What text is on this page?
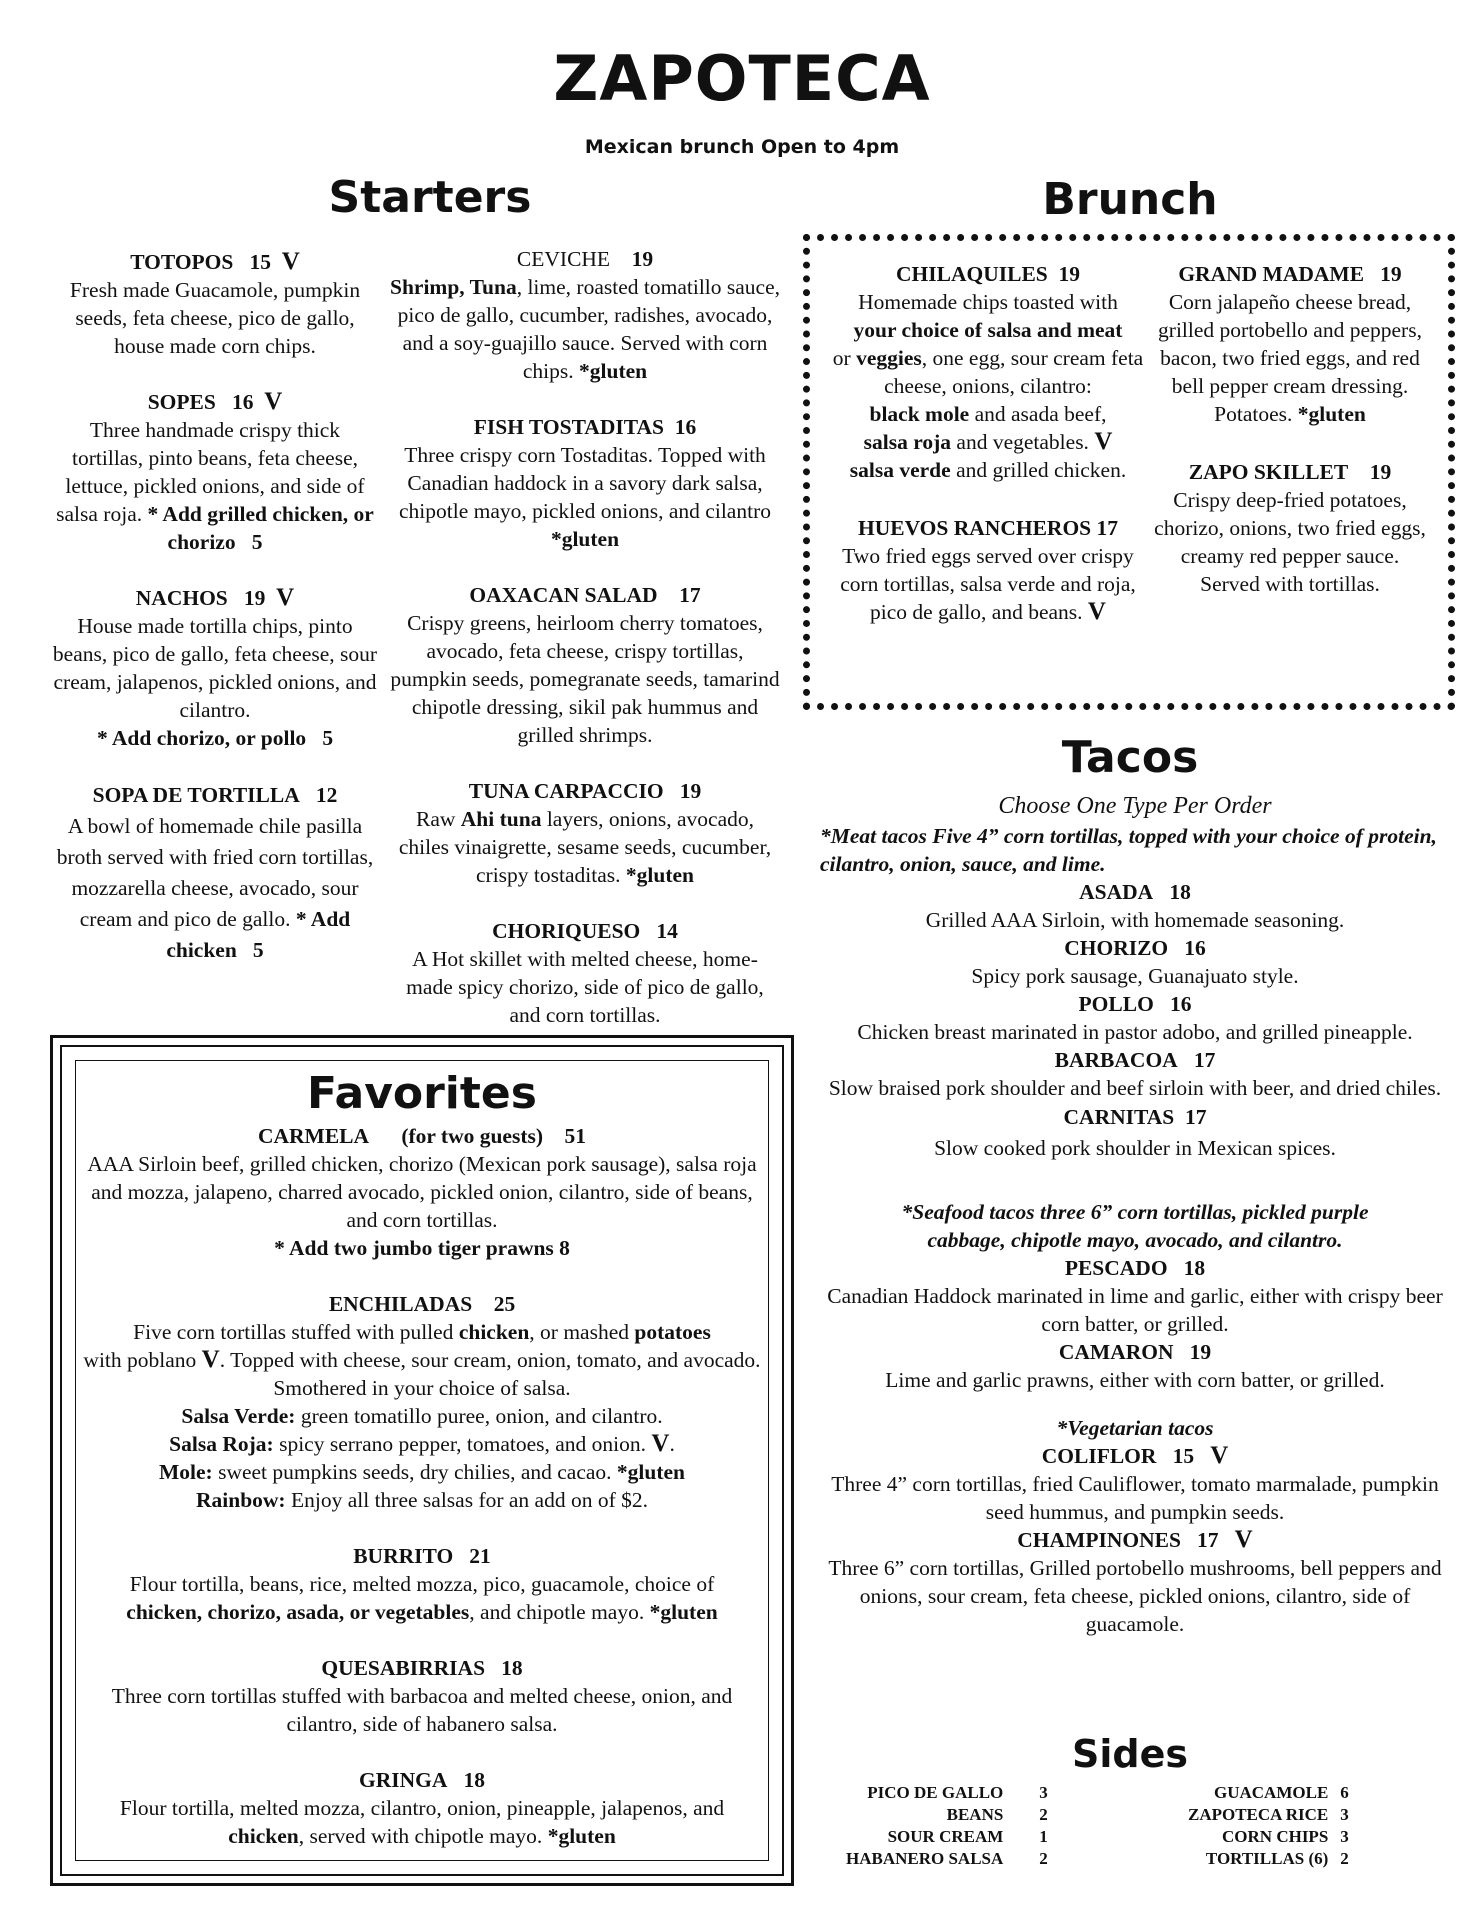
ZAPOTECA
Mexican brunch Open to 4pm
Starters
TOTOPOS 15 V
Fresh made Guacamole, pumpkin seeds, feta cheese, pico de gallo, house made corn chips.
SOPES 16 V
Three handmade crispy thick tortillas, pinto beans, feta cheese, lettuce, pickled onions, and side of salsa roja. * Add grilled chicken, or chorizo 5
NACHOS 19 V
House made tortilla chips, pinto beans, pico de gallo, feta cheese, sour cream, jalapenos, pickled onions, and cilantro.
* Add chorizo, or pollo 5
SOPA DE TORTILLA 12
A bowl of homemade chile pasilla broth served with fried corn tortillas, mozzarella cheese, avocado, sour cream and pico de gallo. * Add chicken 5
CEVICHE 19
Shrimp, Tuna, lime, roasted tomatillo sauce, pico de gallo, cucumber, radishes, avocado, and a soy-guajillo sauce. Served with corn chips. *gluten
FISH TOSTADITAS 16
Three crispy corn Tostaditas. Topped with Canadian haddock in a savory dark salsa, chipotle mayo, pickled onions, and cilantro *gluten
OAXACAN SALAD 17
Crispy greens, heirloom cherry tomatoes, avocado, feta cheese, crispy tortillas, pumpkin seeds, pomegranate seeds, tamarind chipotle dressing, sikil pak hummus and grilled shrimps.
TUNA CARPACCIO 19
Raw Ahi tuna layers, onions, avocado, chiles vinaigrette, sesame seeds, cucumber, crispy tostaditas. *gluten
CHORIQUESO 14
A Hot skillet with melted cheese, home-made spicy chorizo, side of pico de gallo, and corn tortillas.
Favorites
CARMELA (for two guests) 51
AAA Sirloin beef, grilled chicken, chorizo (Mexican pork sausage), salsa roja and mozza, jalapeno, charred avocado, pickled onion, cilantro, side of beans, and corn tortillas.
* Add two jumbo tiger prawns 8
ENCHILADAS 25
Five corn tortillas stuffed with pulled chicken, or mashed potatoes
with poblano V. Topped with cheese, sour cream, onion, tomato, and avocado. Smothered in your choice of salsa.
Salsa Verde: green tomatillo puree, onion, and cilantro.
Salsa Roja: spicy serrano pepper, tomatoes, and onion. V.
Mole: sweet pumpkins seeds, dry chilies, and cacao. *gluten
Rainbow: Enjoy all three salsas for an add on of $2.
BURRITO 21
Flour tortilla, beans, rice, melted mozza, pico, guacamole, choice of
chicken, chorizo, asada, or vegetables, and chipotle mayo. *gluten
QUESABIRRIAS 18
Three corn tortillas stuffed with barbacoa and melted cheese, onion, and cilantro, side of habanero salsa.
GRINGA 18
Flour tortilla, melted mozza, cilantro, onion, pineapple, jalapenos, and chicken, served with chipotle mayo. *gluten
Brunch
CHILAQUILES 19
Homemade chips toasted with
your choice of salsa and meat
or veggies, one egg, sour cream feta cheese, onions, cilantro:
black mole and asada beef,
salsa roja and vegetables. V
salsa verde and grilled chicken.
HUEVOS RANCHEROS 17
Two fried eggs served over crispy corn tortillas, salsa verde and roja, pico de gallo, and beans. V
GRAND MADAME 19
Corn jalapeño cheese bread, grilled portobello and peppers, bacon, two fried eggs, and red bell pepper cream dressing. Potatoes. *gluten
ZAPO SKILLET 19
Crispy deep-fried potatoes, chorizo, onions, two fried eggs, creamy red pepper sauce. Served with tortillas.
Tacos
Choose One Type Per Order
*Meat tacos Five 4” corn tortillas, topped with your choice of protein, cilantro, onion, sauce, and lime.
ASADA 18
Grilled AAA Sirloin, with homemade seasoning.
CHORIZO 16
Spicy pork sausage, Guanajuato style.
POLLO 16
Chicken breast marinated in pastor adobo, and grilled pineapple.
BARBACOA 17
Slow braised pork shoulder and beef sirloin with beer, and dried chiles.
CARNITAS 17
Slow cooked pork shoulder in Mexican spices.
*Seafood tacos three 6” corn tortillas, pickled purple cabbage, chipotle mayo, avocado, and cilantro.
PESCADO 18
Canadian Haddock marinated in lime and garlic, either with crispy beer corn batter, or grilled.
CAMARON 19
Lime and garlic prawns, either with corn batter, or grilled.
*Vegetarian tacos
COLIFLOR 15 V
Three 4” corn tortillas, fried Cauliflower, tomato marmalade, pumpkin seed hummus, and pumpkin seeds.
CHAMPINONES 17 V
Three 6” corn tortillas, Grilled portobello mushrooms, bell peppers and onions, sour cream, feta cheese, pickled onions, cilantro, side of guacamole.
Sides
PICO DE GALLO	3
BEANS	2
SOUR CREAM	1
HABANERO SALSA	2
GUACAMOLE	6
ZAPOTECA RICE	3
CORN CHIPS	3
TORTILLAS (6)	2
